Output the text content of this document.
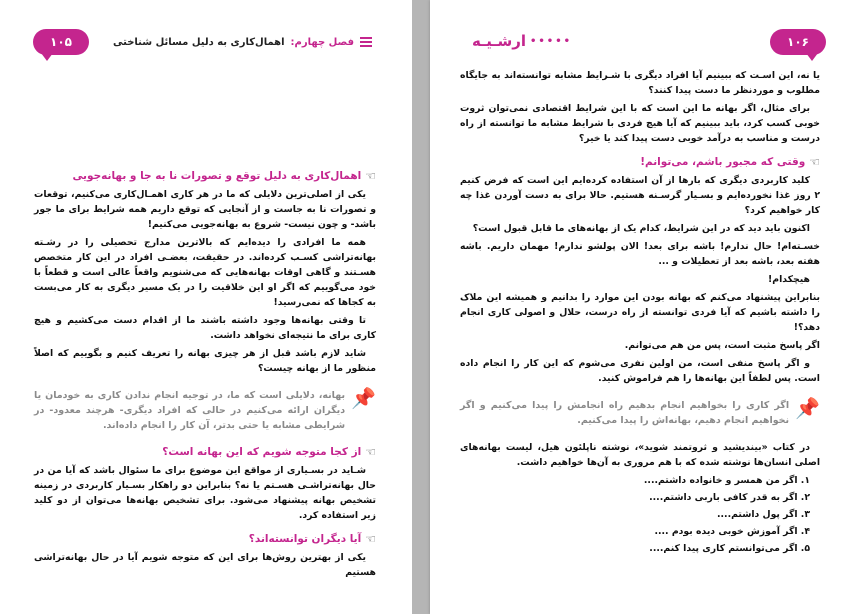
۱۰۵	فصل چهارم:
اهمال‌کاری به دلیل مسائل شناختی
☜
اهمال‌کاری به دلیل توقع و تصورات نا به جا و بهانه‌جویی

یکی از اصلی‌ترین دلایلی که ما در هر کاری اهمـال‌کاری می‌کنیم، توقعات و تصورات نا به جاست و از آنجایی که توقع داریم همه شرایط برای ما جور باشد- و چون نیست- شروع به بهانه‌جویی می‌کنیم!

همه ما افرادی را دیده‌ایم که بالاترین مدارج تحصیلی را در رشـته بهانه‌تراشی کسـب کرده‌اند. در حقیقت، بعضـی افراد در این کار متخصص هسـتند و گاهی اوقات بهانه‌هایی که می‌شنویم واقعاً عالی است و قطعاً با خود می‌گوییم که اگر او این خلاقیت را در یک مسیر دیگری به کار می‌بست به کجاها که نمی‌رسید!

تا وقتی بهانه‌ها وجود داشته باشند ما از اقدام دست می‌کشیم و هیچ کاری برای ما نتیجه‌ای نخواهد داشت.

شاید لازم باشد قبل از هر چیزی بهانه را تعریف کنیم و بگوییم که اصلاً منظور ما از بهانه چیست؟

📌
بهانه، دلایلی است که ما، در توجیه انجام ندادن کاری به خودمان یا دیگران ارائه می‌کنیم در حالی که افراد دیگری- هرچند معدود- در شرایطی مشابه یا حتی بدتر، آن کار را انجام داده‌اند.
☜
از کجا متوجه شویم که این بهانه است؟

شـاید در بسـیاری از مواقع این موضوع برای ما سئوال باشد که آیا من در حال بهانه‌تراشـی هسـتم یا نه؟ بنابراین دو راهکار بسـیار کاربردی در زمینه تشخیص بهانه پیشنهاد می‌شود. برای تشخیص بهانه‌ها می‌توان از دو کلید زیر استفاده کرد.

☜
آیا دیگران توانسته‌اند؟

یکی از بهترین روش‌ها برای این که متوجه شویم آیا در حال بهانه‌تراشی هستیم

•••••
ارشـیـه	۱۰۶

یا نه، این اسـت که ببینیم آیا افراد دیگری با شـرایط مشابه توانسته‌اند به جایگاه مطلوب و موردنظر ما دست پیدا کنند؟

برای مثال، اگر بهانه ما این است که با این شرایط اقتصادی نمی‌توان ثروت خوبی کسب کرد، باید ببینیم که آیا هیچ فردی با شرایط مشابه ما توانسته از راه درست و مناسب به درآمد خوبی دست پیدا کند یا خیر؟

☜
وقتی که مجبور باشم، می‌توانم!

کلید کاربردی دیگری که بارها از آن استفاده کرده‌ایم این است که فرض کنیم ۲ روز غذا نخورده‌ایم و بسـیار گرسـنه هستیم. حالا برای به دست آوردن غذا چه کار خواهیم کرد؟

اکنون باید دید که در این شرایط، کدام یک از بهانه‌های ما قابل قبول است؟

خسـته‌ام! حال ندارم! باشه برای بعد! الان پولشو ندارم! مهمان داریم. باشه هفته بعد، باشه بعد از تعطیلات و ...

هیچکدام!

بنابراین پیشنهاد می‌کنم که بهانه بودن این موارد را بدانیم و همیشه این ملاک را داشته باشیم که آیا فردی توانسته از راه درست، حلال و اصولی کاری انجام دهد؟!

اگر پاسخ مثبت است، پس من هم می‌توانم.

و اگر پاسخ منفی است، من اولین نفری می‌شوم که این کار را انجام داده است. پس لطفاً این بهانه‌ها را هم فراموش کنید.

📌
اگر کاری را بخواهیم انجام بدهیم راه انجامش را پیدا می‌کنیم و اگر نخواهیم انجام دهیم، بهانه‌اش را پیدا می‌کنیم.

در کتاب «بیندیشید و ثروتمند شوید»، نوشته ناپلئون هیل، لیست بهانه‌های اصلی انسان‌ها نوشته شده که با هم مروری به آن‌ها خواهیم داشت.

۱. اگر من همسر و خانواده داشتم....
۲. اگر به قدر کافی باربی داشتم....
۳. اگر پول داشتم....
۴. اگر آموزش خوبی دیده بودم ....
۵. اگر می‌توانستم کاری پیدا کنم....
